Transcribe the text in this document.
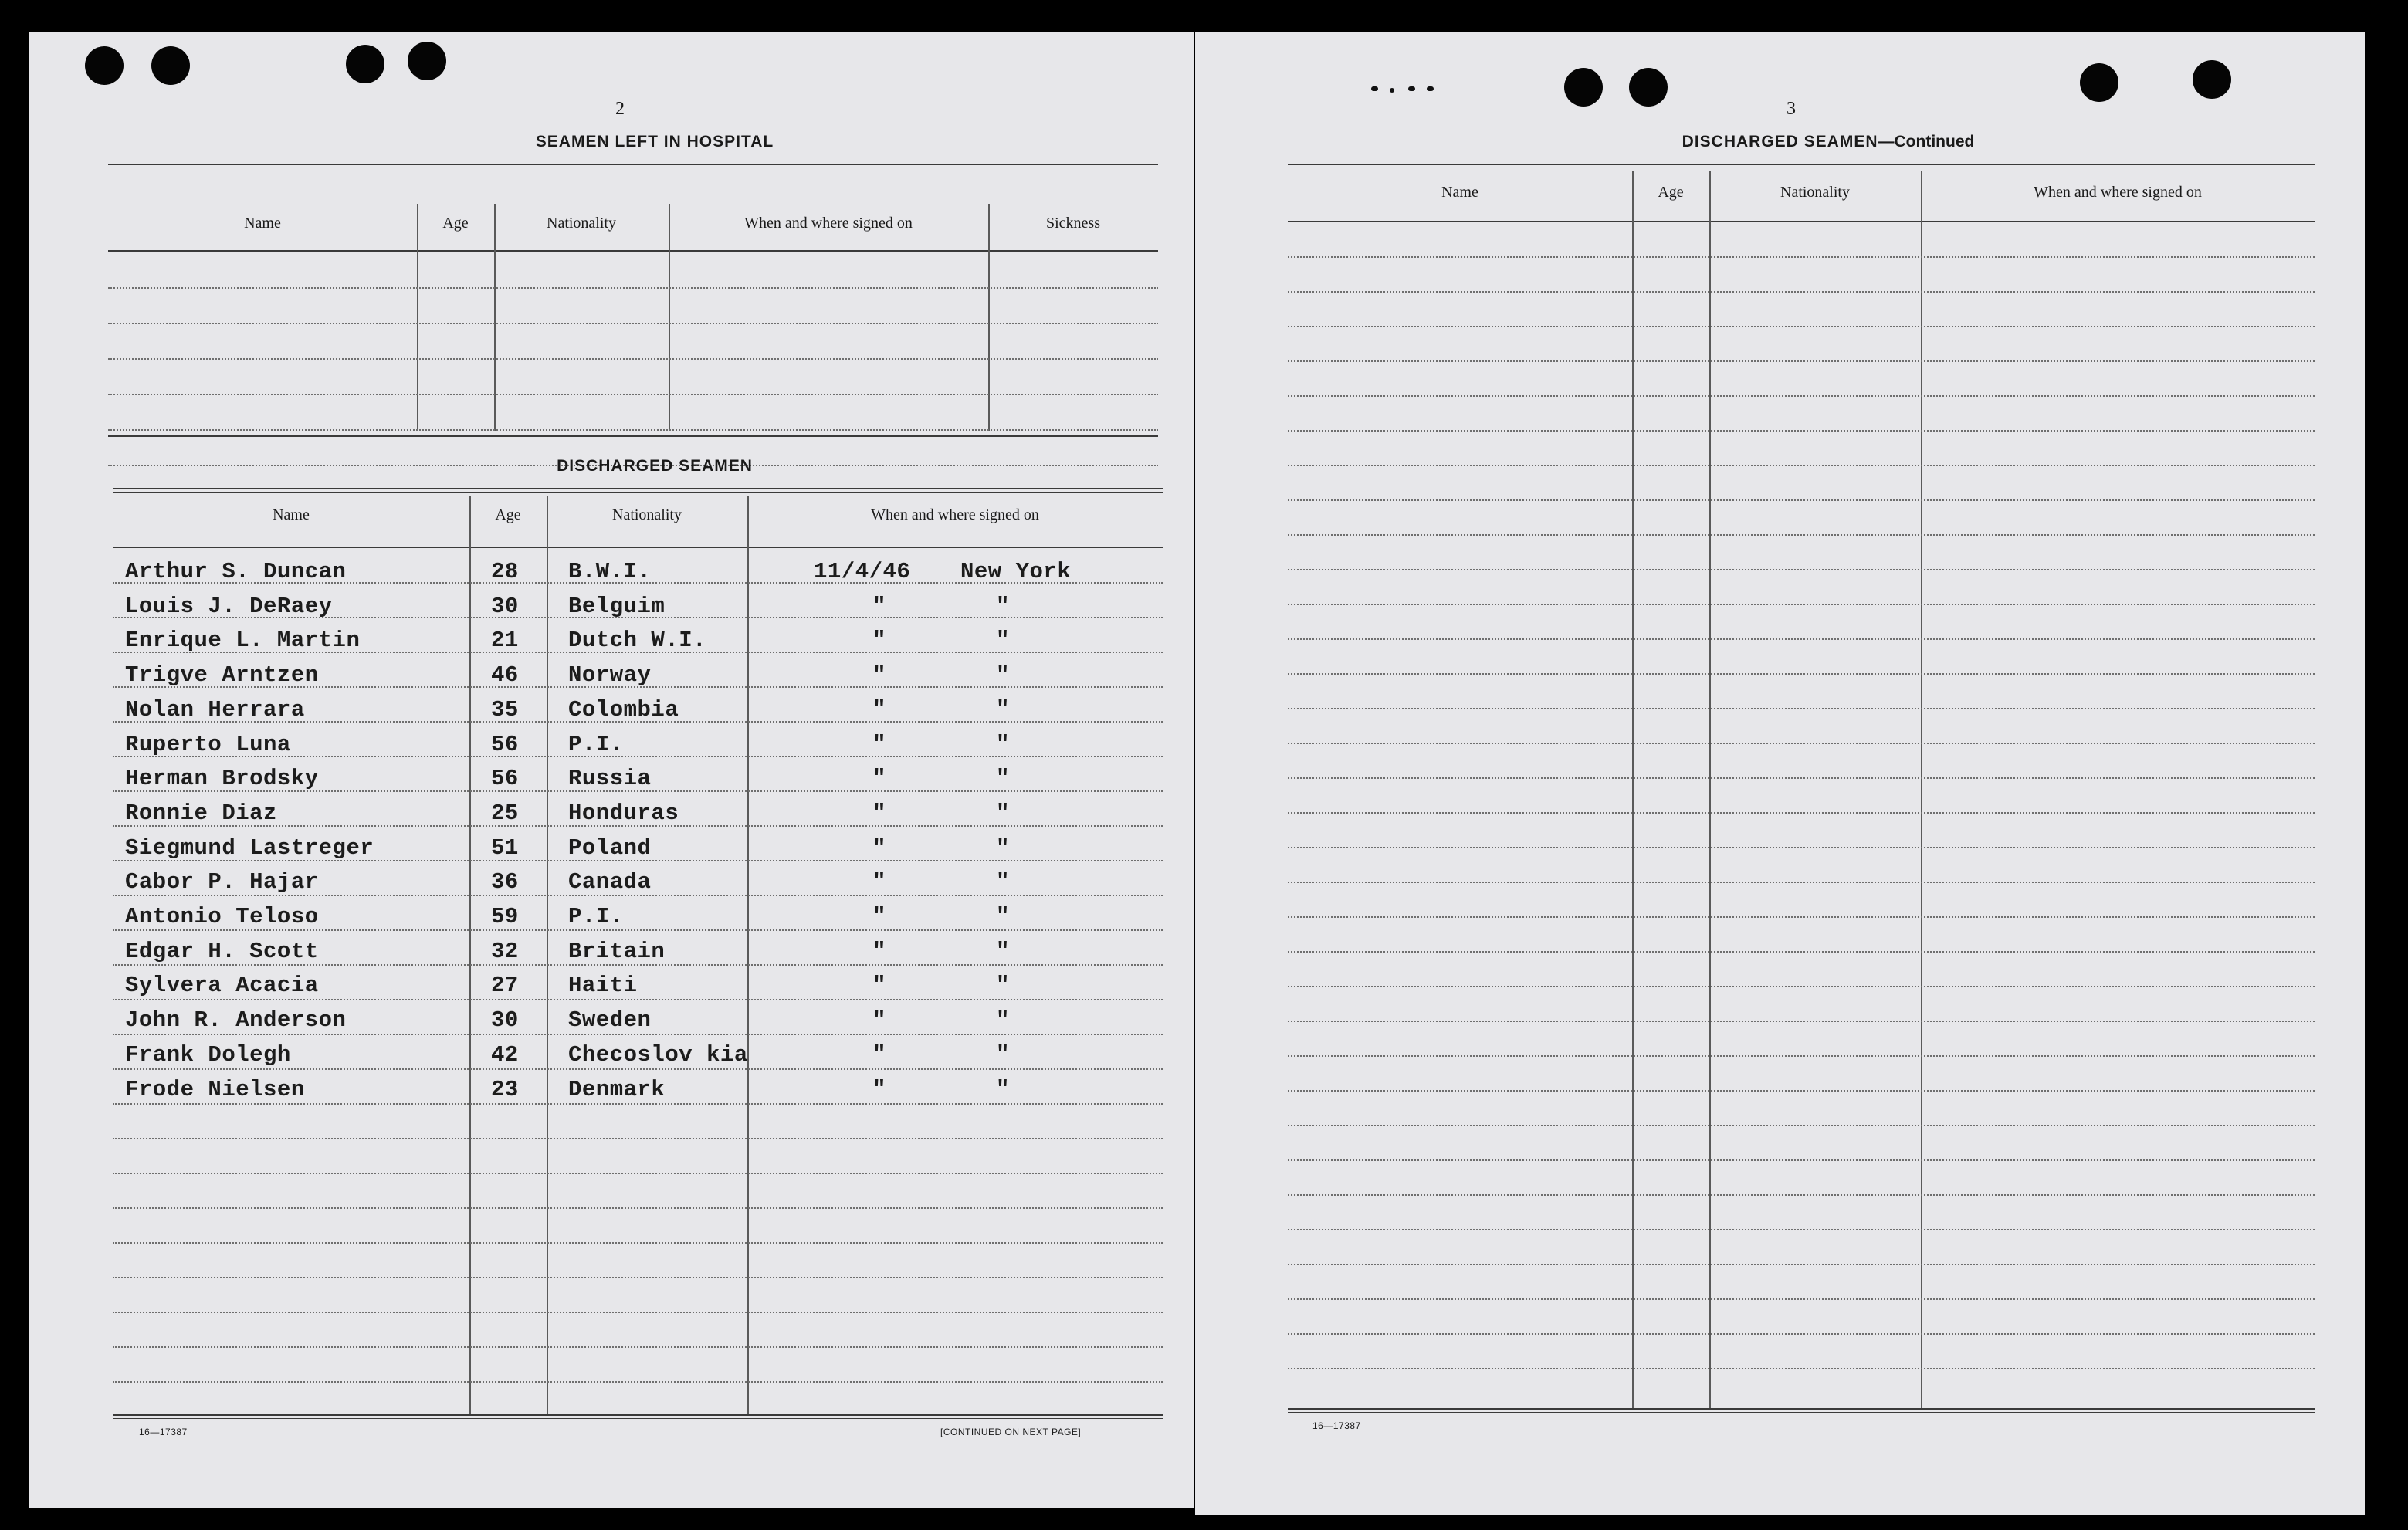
2
SEAMEN LEFT IN HOSPITAL
Name	Age	Nationality	When and where signed on	Sickness
DISCHARGED SEAMEN
Name	Age	Nationality	When and where signed on
Arthur S. Duncan	28 B.W.I.	11/4/46 New York
Louis J. DeRaey	30 Belguim	"	"
Enrique L. Martin	21 Dutch W.I.	"	"
Trigve Arntzen	46 Norway	"	"
Nolan Herrara	35 Colombia	"	"
Ruperto Luna	56 P.I.	"	"
Herman Brodsky	56 Russia	"	"
Ronnie Diaz	25 Honduras	"	"
Siegmund Lastreger	51 Poland	"	"
Cabor P. Hajar	36 Canada	"	"
Antonio Teloso	59 P.I.	"	"
Edgar H. Scott	32 Britain	"	"
Sylvera Acacia	27 Haiti	"	"
John R. Anderson	30 Sweden	"	"
Frank Dolegh	42 Checoslov kia	"	"
Frode Nielsen	23 Denmark	"	"
16—17387	[CONTINUED ON NEXT PAGE]
3
DISCHARGED SEAMEN—Continued
Name	Age	Nationality	When and where signed on
16—17387
